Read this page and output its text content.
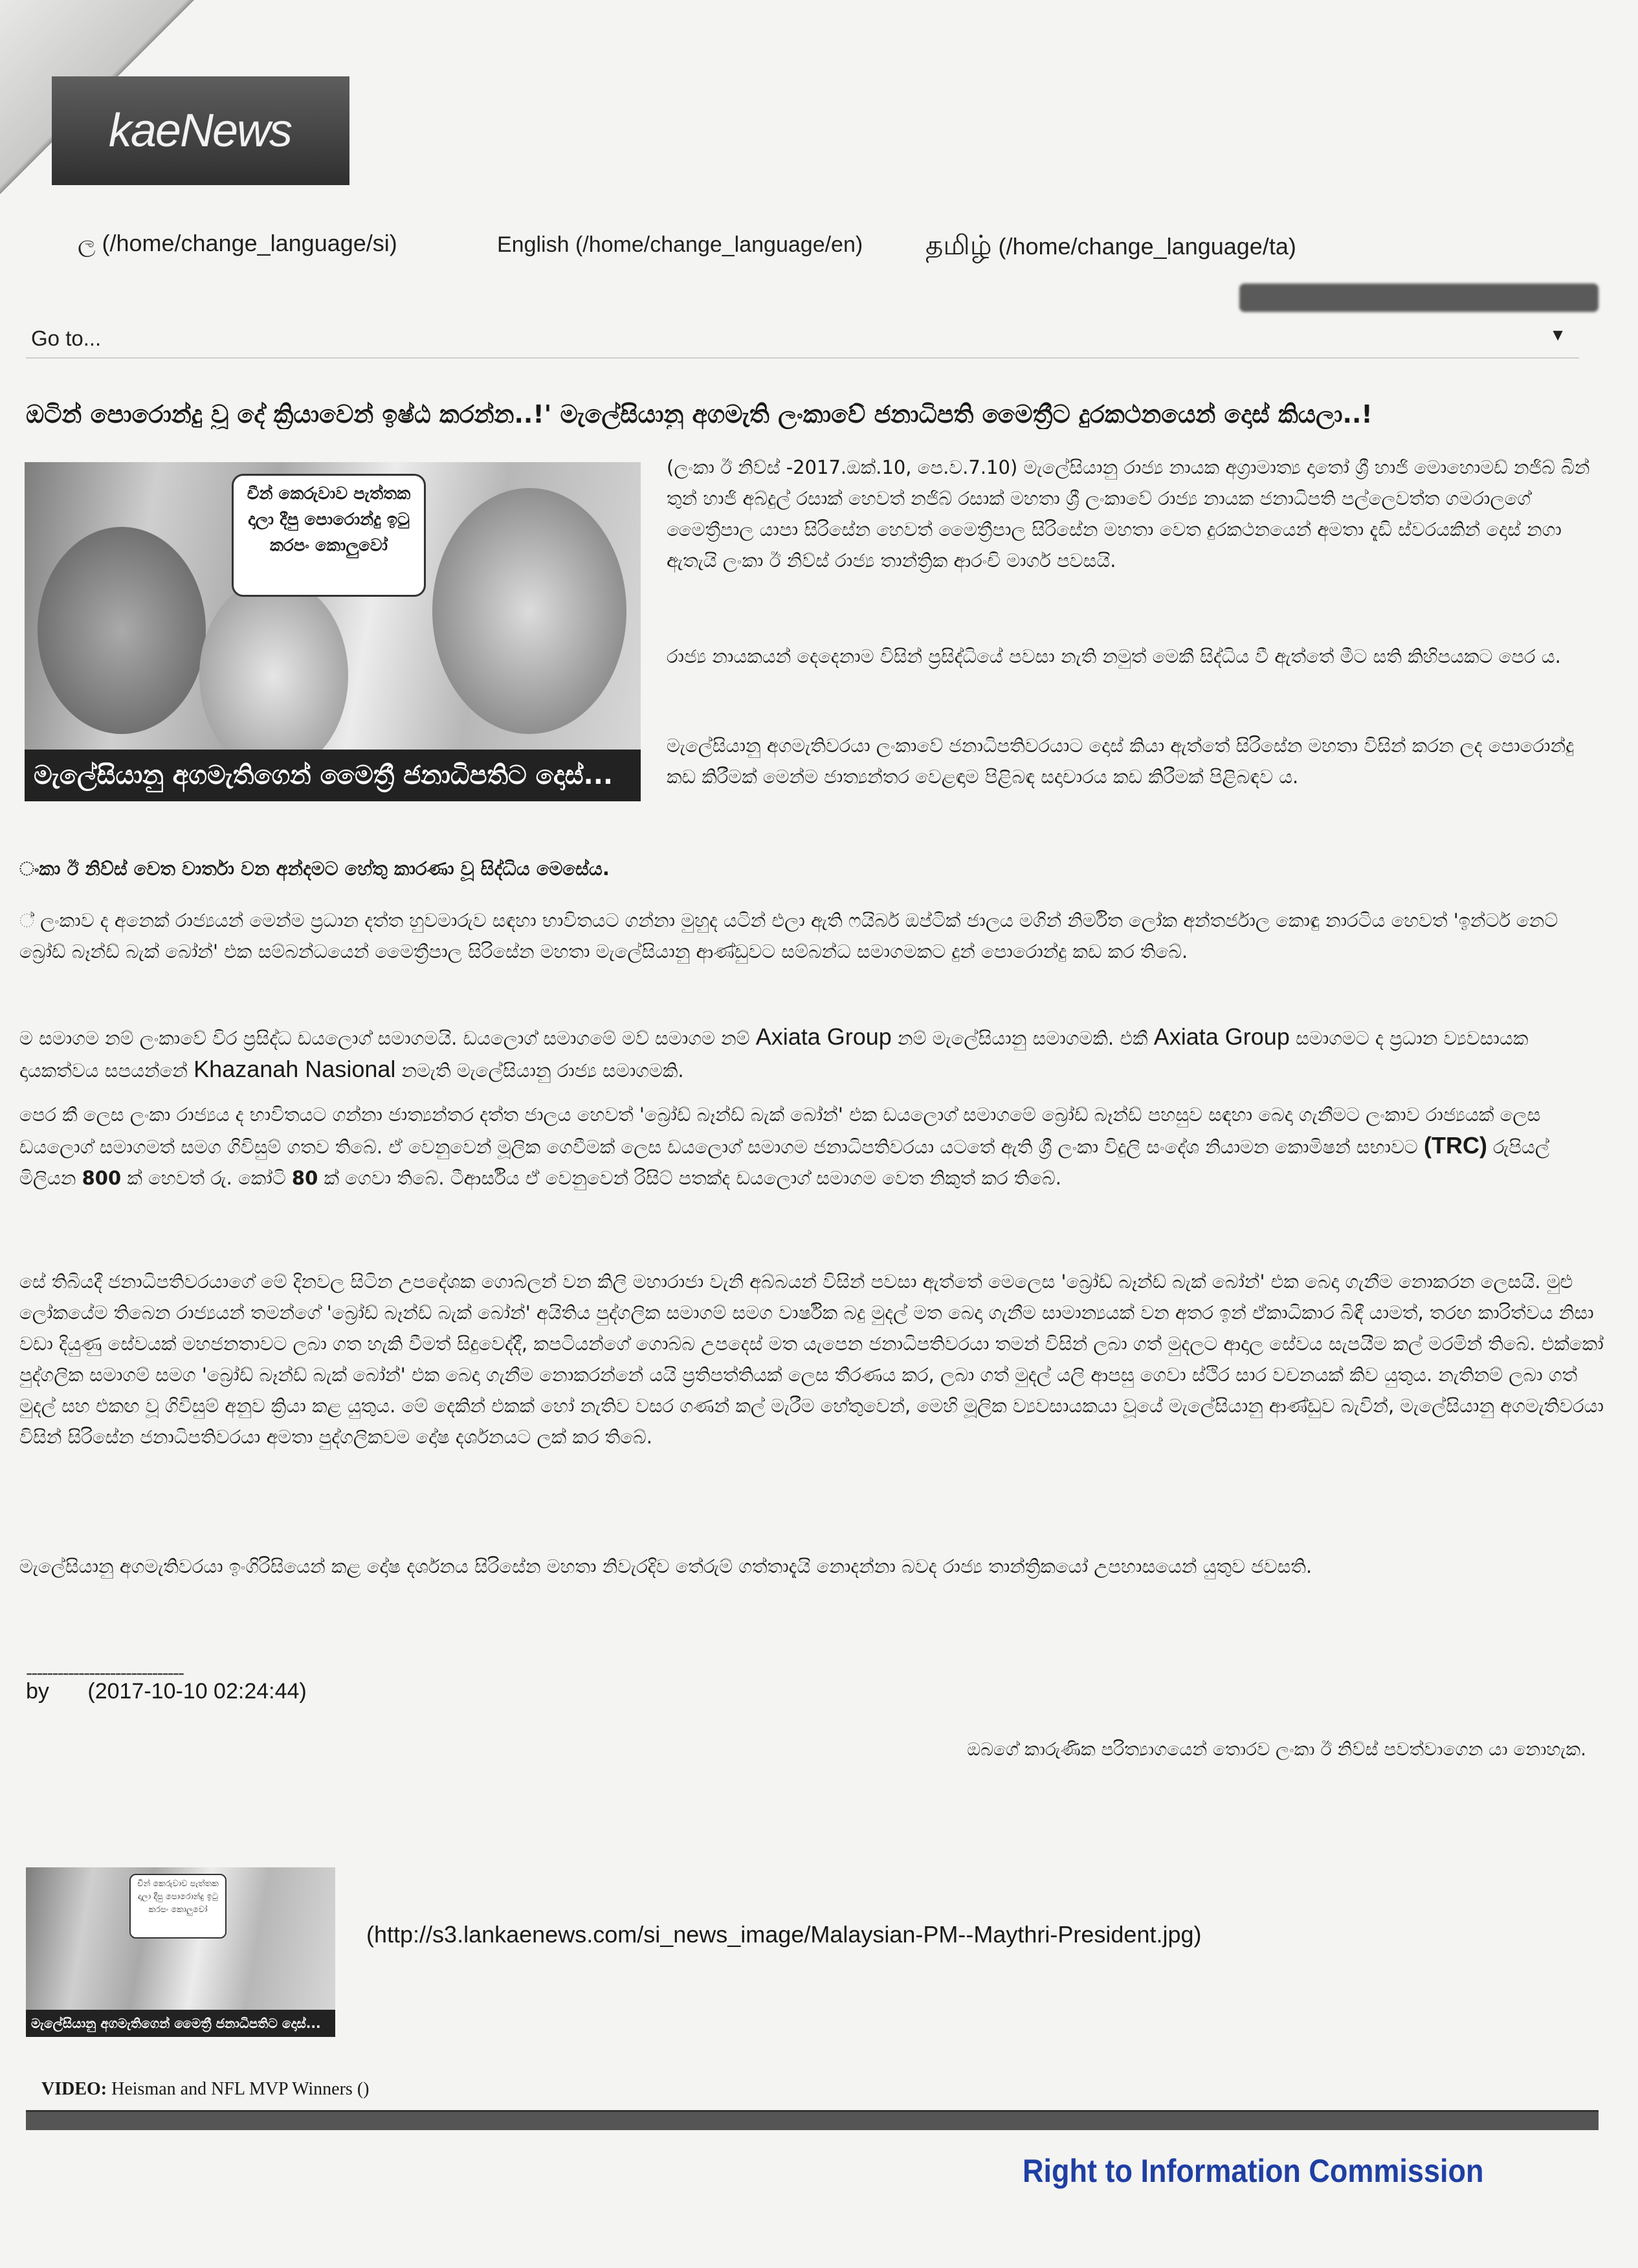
kaeNews
ල (/home/change_language/si)	English (/home/change_language/en) தமிழ் (/home/change_language/ta)
Go to...	▼
ඔටින් පොරොන්දු වූ දේ ක්‍රියාවෙන් ඉෂ්ඨ කරන්න..!' මැලේසියානු අගමැති ලංකාවේ ජනාධිපති මෛත්‍රීට දුරකථනයෙන් දොස් කියලා..!
චීන් කෙරුවාව පැත්තක දාලා දීපු පොරොන්දු ඉටු කරපං කොලුවෝ
මැලේසියානු අගමැතිගෙන් මෛත්‍රී ජනාධිපතිට දොස්...
(ලංකා ඊ නිව්ස් -2017.ඔක්.10, පෙ.ව.7.10) මැලේසියානු රාජ්‍ය නායක අග්‍රාමාත්‍ය දාතෝ ශ්‍රී හාජි මොහොමඩ් නජිබ් බින් තුන් හාජි අබ්දුල් රසාක් හෙවත් නජිබ් රසාක් මහතා ශ්‍රී ලංකාවේ රාජ්‍ය නායක ජනාධිපති පල්ලෙවත්ත ගමරාලගේ මෛත්‍රීපාල යාපා සිරිසේන හෙවත් මෛත්‍රීපාල සිරිසේන මහතා වෙත දුරකථනයෙන් අමතා දැඩි ස්වරයකින් දොස් නගා ඇතැයි ලංකා ඊ නිව්ස් රාජ්‍ය තාන්ත්‍රික ආරංචි මාර්ග පවසයි.
රාජ්‍ය නායකයන් දෙදෙනාම විසින් ප්‍රසිද්ධියේ පවසා නැති නමුත් මෙකී සිද්ධිය වී ඇත්තේ මීට සති කිහිපයකට පෙර ය.
මැලේසියානු අගමැතිවරයා ලංකාවේ ජනාධිපතිවරයාට දොස් කියා ඇත්තේ සිරිසේන මහතා විසින් කරන ලද පොරොන්දු කඩ කිරීමක් මෙන්ම ජාත්‍යන්තර වෙළඳාම පිළිබඳ සදාචාරය කඩ කිරීමක් පිළිබඳව ය.
ංකා ඊ නිව්ස් වෙත වාර්තා වන අන්දමට හේතු කාරණා වූ සිද්ධිය මෙසේය.
් ලංකාව ද අනෙක් රාජ්‍යයන් මෙන්ම ප්‍රධාන දත්ත හුවමාරුව සඳහා භාවිතයට ගන්නා මුහුද යටින් එලා ඇති ෆයිබර් ඔප්ටික් ජාලය මගින් නිර්මිත ලෝක අන්තර්ජාල කොඳු නාරටිය හෙවත් 'ඉන්ටර් නෙට් බ්‍රෝඩ් බෑන්ඩ් බැක් බෝන්' එක සම්බන්ධයෙන් මෛත්‍රීපාල සිරිසේන මහතා මැලේසියානු ආණ්ඩුවට සම්බන්ධ සමාගමකට දුන් පොරොන්දු කඩ කර තිබේ.
ම සමාගම නම් ලංකාවේ විර ප්‍රසිද්ධ ඩයලොග් සමාගමයි. ඩයලොග් සමාගමේ මව් සමාගම නම් Axiata Group නම් මැලේසියානු සමාගමකි. එකී Axiata Group සමාගමට ද ප්‍රධාන ව්‍යවසායක දායකත්වය සපයන්නේ Khazanah Nasional නමැති මැලේසියානු රාජ්‍ය සමාගමකි.
පෙර කී ලෙස ලංකා රාජ්‍යය ද භාවිතයට ගන්නා ජාත්‍යන්තර දත්ත ජාලය හෙවත් 'බ්‍රෝඩ් බෑන්ඩ් බැක් බෝන්' එක ඩයලොග් සමාගමේ බ්‍රෝඩ් බෑන්ඩ් පහසුව සඳහා බෙදා ගැනීමට ලංකාව රාජ්‍යයක් ලෙස ඩයලොග් සමාගමත් සමග ගිවිසුම් ගතව තිබේ. ඒ වෙනුවෙන් මූලික ගෙවීමක් ලෙස ඩයලොග් සමාගම ජනාධිපතිවරයා යටතේ ඇති ශ්‍රී ලංකා විදුලි සංදේශ නියාමන කොමිෂන් සභාවට (TRC) රුපියල් මිලියන 800 ක් හෙවත් රු. කෝටි 80 ක් ගෙවා තිබේ. ටීආර්සිය ඒ වෙනුවෙන් රිසිට් පතක්ද ඩයලොග් සමාගම වෙත නිකුත් කර තිබේ.
සේ තිබියදී ජනාධිපතිවරයාගේ මේ දිනවල සිටින උපදේශක ගොබ්ලන් වන කිලි මහාරාජා වැනි අබ්බයන් විසින් පවසා ඇත්තේ මෙලෙස 'බ්‍රෝඩ් බෑන්ඩ් බැක් බෝන්' එක බෙදා ගැනීම නොකරන ලෙසයි. මුළු ලෝකයේම තිබෙන රාජ්‍යයන් තමන්ගේ 'බ්‍රෝඩ් බෑන්ඩ් බැක් බෝන්' අයිතිය පුද්ගලික සමාගම් සමග වාර්ෂික බදු මුදල් මත බෙදා ගැනීම සාමාන්‍යයක් වන අතර ඉන් ඒකාධිකාර බිඳී යාමත්, තරඟ කාරිත්වය නිසා වඩා දියුණු සේවයක් මහජනතාවට ලබා ගත හැකි වීමත් සිදුවෙද්දී, කපටියන්ගේ ගොබ්බ උපදෙස් මත යැපෙන ජනාධිපතිවරයා තමන් විසින් ලබා ගත් මුදලට ආදාල සේවය සැපයීම කල් මරමින් තිබේ. එක්කෝ පුද්ගලික සමාගම් සමග 'බ්‍රෝඩ් බෑන්ඩ් බැක් බෝන්' එක බෙදා ගැනීම නොකරන්නේ යයි ප්‍රතිපත්තියක් ලෙස තීරණය කර, ලබා ගත් මුදල් යලි ආපසු ගෙවා ස්ථිර සාර වචනයක් කිව යුතුය. නැතිනම් ලබා ගත් මුදල් සහ එකඟ වූ ගිවිසුම් අනුව ක්‍රියා කළ යුතුය. මේ දෙකින් එකක් හෝ නැතිව වසර ගණන් කල් මැරීම හේතුවෙන්, මෙහි මූලික ව්‍යවසායකයා වූයේ මැලේසියානු ආණ්ඩුව බැවින්, මැලේසියානු අගමැතිවරයා විසින් සිරිසේන ජනාධිපතිවරයා අමතා පුද්ගලිකවම දෝෂ දර්ශනයට ලක් කර තිබේ.
මැලේසියානු අගමැතිවරයා ඉංගිරිසියෙන් කළ දෝෂ දර්ශනය සිරිසේන මහතා නිවැරදිව තේරුම් ගත්තාදැයි නොදන්නා බවද රාජ්‍ය තාන්ත්‍රිකයෝ උපහාසයෙන් යුතුව ජවසති.
------------------------------
by (2017-10-10 02:24:44)
ඔබගේ කාරුණික පරිත්‍යාගයෙන් තොරව ලංකා ඊ නිව්ස් පවත්වාගෙන යා නොහැක.
චීන් කෙරුවාව පැත්තක දාලා දීපු පොරොන්දු ඉටු කරපං කොලුවෝ
මැලේසියානු අගමැතිගෙන් මෛත්‍රී ජනාධිපතිට දොස්...
(http://s3.lankaenews.com/si_news_image/Malaysian-PM--Maythri-President.jpg)
VIDEO: Heisman and NFL MVP Winners ()
Right to Information Commission
